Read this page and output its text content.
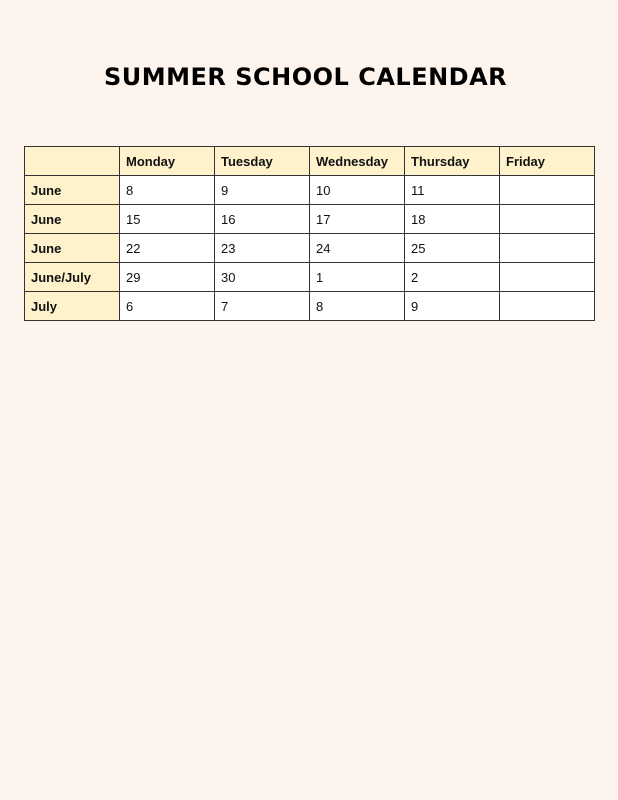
SUMMER SCHOOL CALENDAR
	Monday	Tuesday	Wednesday	Thursday	Friday
June	8	9	10	11	
June	15	16	17	18	
June	22	23	24	25	
June/July	29	30	1	2	
July	6	7	8	9	
